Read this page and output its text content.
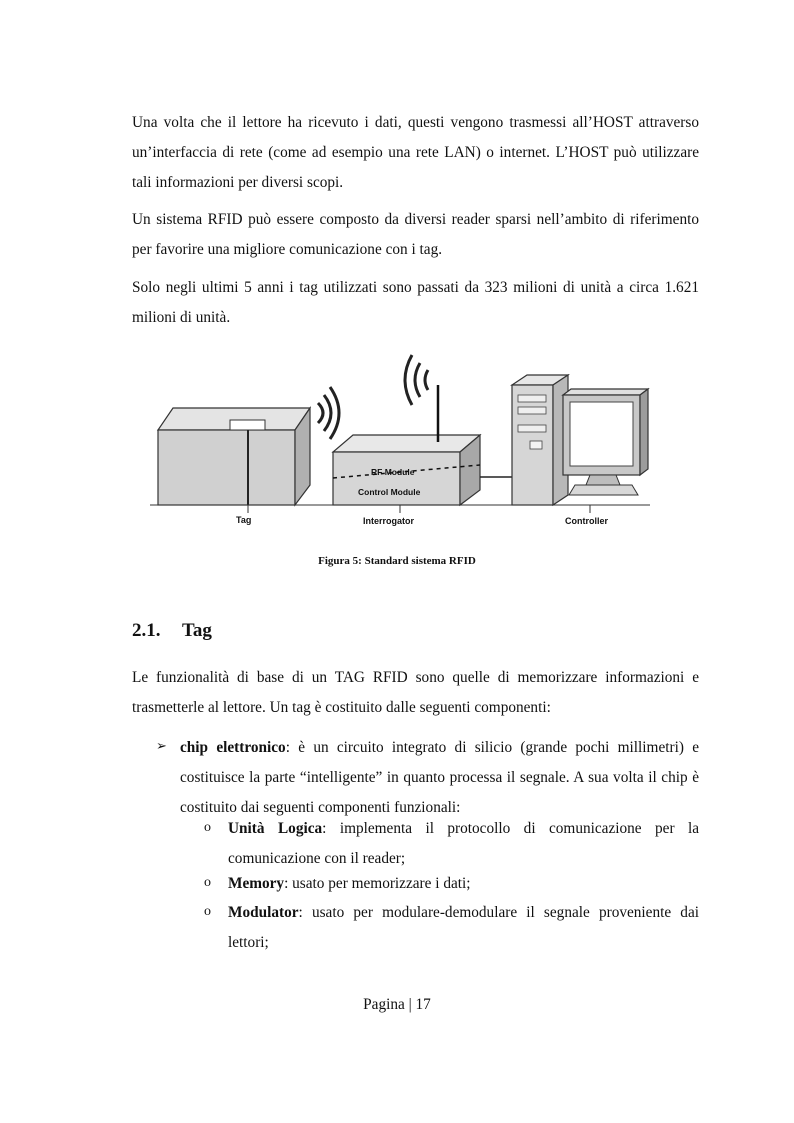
Una volta che il lettore ha ricevuto i dati, questi vengono trasmessi all’HOST attraverso un’interfaccia di rete (come ad esempio una rete LAN) o internet. L’HOST può utilizzare tali informazioni per diversi scopi.

Un sistema RFID può essere composto da diversi reader sparsi nell’ambito di riferimento per favorire una migliore comunicazione con i tag.

Solo negli ultimi 5 anni i tag utilizzati sono passati da 323 milioni di unità a circa 1.621 milioni di unità.

RF Module
Control Module
Tag	Interrogator	Controller
Figura 5: Standard sistema RFID
2.1. Tag

Le funzionalità di base di un TAG RFID sono quelle di memorizzare informazioni e trasmetterle al lettore. Un tag è costituito dalle seguenti componenti:

➢ chip elettronico: è un circuito integrato di silicio (grande pochi millimetri) e costituisce la parte “intelligente” in quanto processa il segnale. A sua volta il chip è costituito dai seguenti componenti funzionali:

o Unità Logica: implementa il protocollo di comunicazione per la comunicazione con il reader;

o Memory: usato per memorizzare i dati;

o Modulator: usato per modulare-demodulare il segnale proveniente dai lettori;

Pagina | 17
